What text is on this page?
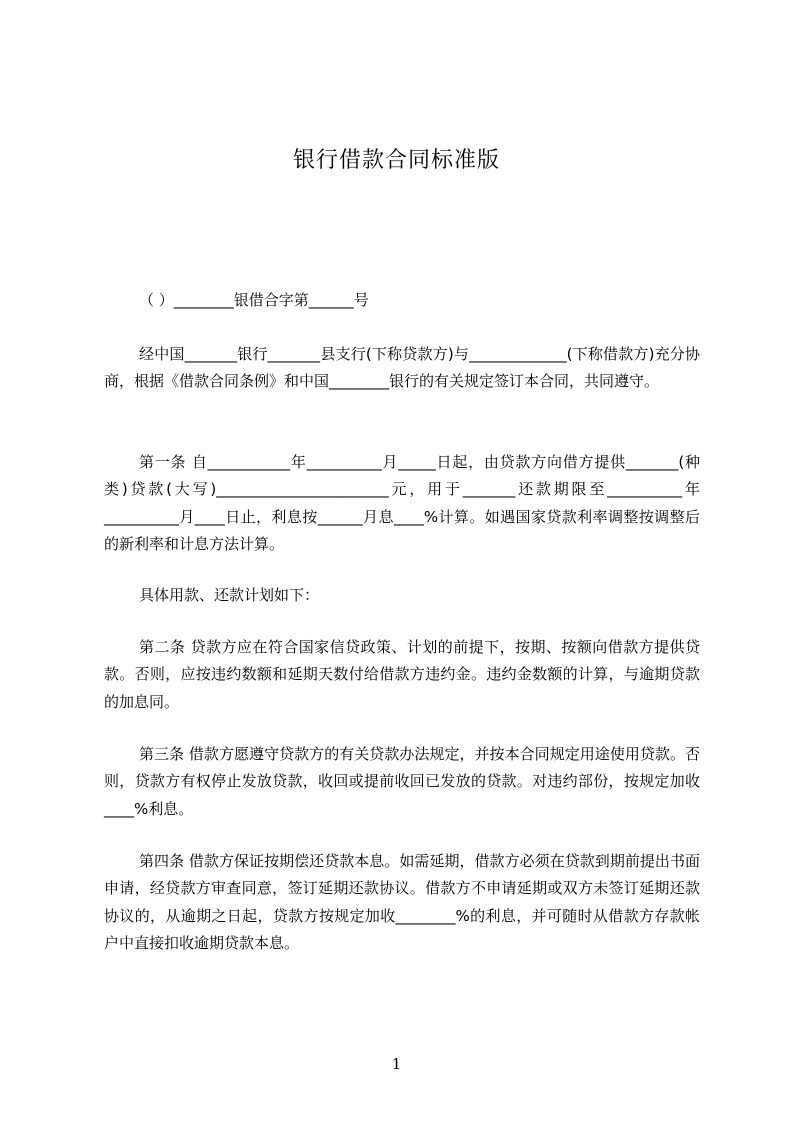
银行借款合同标准版
（ ）________银借合字第______号
经中国_______银行_______县支行(下称贷款方)与_____________(下称借款方)充分协商，根据《借款合同条例》和中国________银行的有关规定签订本合同，共同遵守。
第一条 自___________年__________月_____日起，由贷款方向借方提供_______(种类)贷款(大写)_______________________元，用于_______还款期限至__________年__________月____日止，利息按______月息____%计算。如遇国家贷款利率调整按调整后的新利率和计息方法计算。
具体用款、还款计划如下：
第二条 贷款方应在符合国家信贷政策、计划的前提下，按期、按额向借款方提供贷款。否则，应按违约数额和延期天数付给借款方违约金。违约金数额的计算，与逾期贷款的加息同。
第三条 借款方愿遵守贷款方的有关贷款办法规定，并按本合同规定用途使用贷款。否则，贷款方有权停止发放贷款，收回或提前收回已发放的贷款。对违约部份，按规定加收____%利息。
第四条 借款方保证按期偿还贷款本息。如需延期，借款方必须在贷款到期前提出书面申请，经贷款方审查同意，签订延期还款协议。借款方不申请延期或双方未签订延期还款协议的，从逾期之日起，贷款方按规定加收________%的利息，并可随时从借款方存款帐户中直接扣收逾期贷款本息。
1
